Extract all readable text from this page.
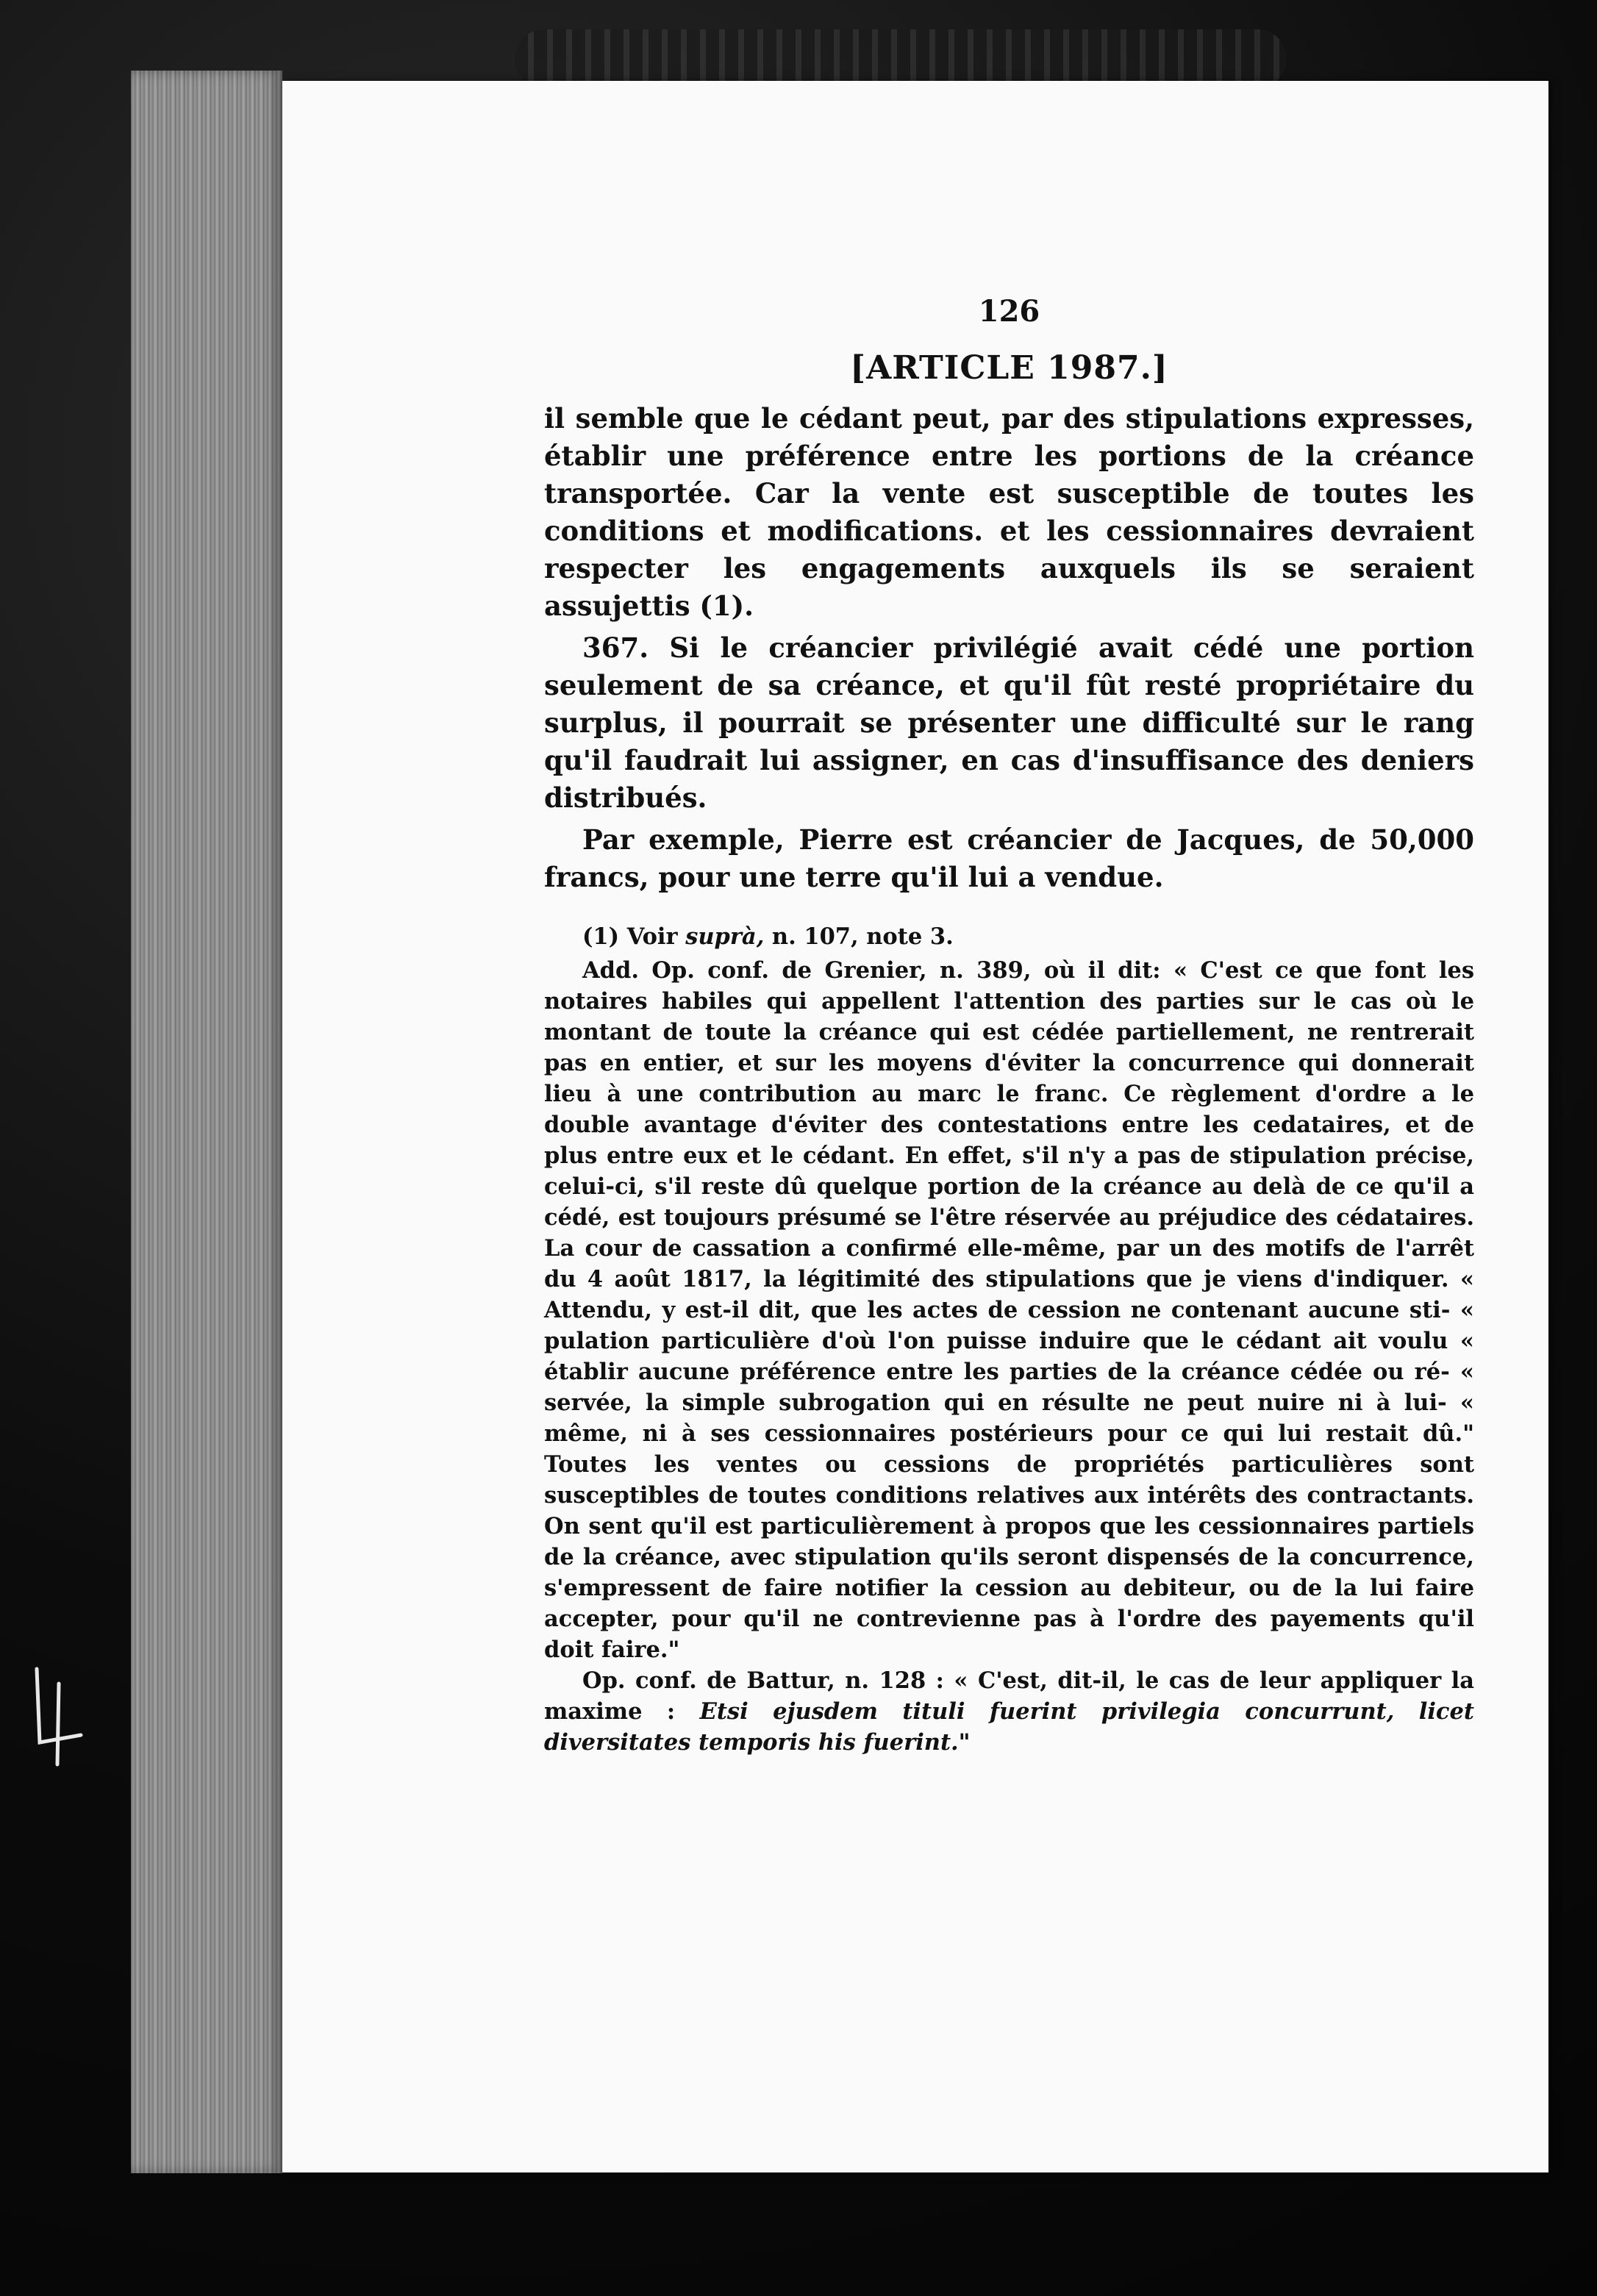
126
[ARTICLE 1987.]

il semble que le cédant peut, par des stipulations expresses, établir une préférence entre les portions de la créance transportée. Car la vente est susceptible de toutes les conditions et modifications. et les cessionnaires devraient respecter les engagements auxquels ils se seraient assujettis (1).

367. Si le créancier privilégié avait cédé une portion seulement de sa créance, et qu'il fût resté propriétaire du surplus, il pourrait se présenter une difficulté sur le rang qu'il faudrait lui assigner, en cas d'insuffisance des deniers distribués.

Par exemple, Pierre est créancier de Jacques, de 50,000 francs, pour une terre qu'il lui a vendue.

(1) Voir suprà, n. 107, note 3.

Add. Op. conf. de Grenier, n. 389, où il dit: « C'est ce que font les notaires habiles qui appellent l'attention des parties sur le cas où le montant de toute la créance qui est cédée partiellement, ne rentrerait pas en entier, et sur les moyens d'éviter la concurrence qui donnerait lieu à une contribution au marc le franc. Ce règlement d'ordre a le double avantage d'éviter des contestations entre les cedataires, et de plus entre eux et le cédant. En effet, s'il n'y a pas de stipulation précise, celui-ci, s'il reste dû quelque portion de la créance au delà de ce qu'il a cédé, est toujours présumé se l'être réservée au préjudice des cédataires. La cour de cassation a confirmé elle-même, par un des motifs de l'arrêt du 4 août 1817, la légitimité des stipulations que je viens d'indiquer. « Attendu, y est-il dit, que les actes de cession ne contenant aucune sti- « pulation particulière d'où l'on puisse induire que le cédant ait voulu « établir aucune préférence entre les parties de la créance cédée ou ré- « servée, la simple subrogation qui en résulte ne peut nuire ni à lui- « même, ni à ses cessionnaires postérieurs pour ce qui lui restait dû." Toutes les ventes ou cessions de propriétés particulières sont susceptibles de toutes conditions relatives aux intérêts des contractants. On sent qu'il est particulièrement à propos que les cessionnaires partiels de la créance, avec stipulation qu'ils seront dispensés de la concurrence, s'empressent de faire notifier la cession au debiteur, ou de la lui faire accepter, pour qu'il ne contrevienne pas à l'ordre des payements qu'il doit faire."

Op. conf. de Battur, n. 128 : « C'est, dit-il, le cas de leur appliquer la maxime : Etsi ejusdem tituli fuerint privilegia concurrunt, licet diversitates temporis his fuerint."
